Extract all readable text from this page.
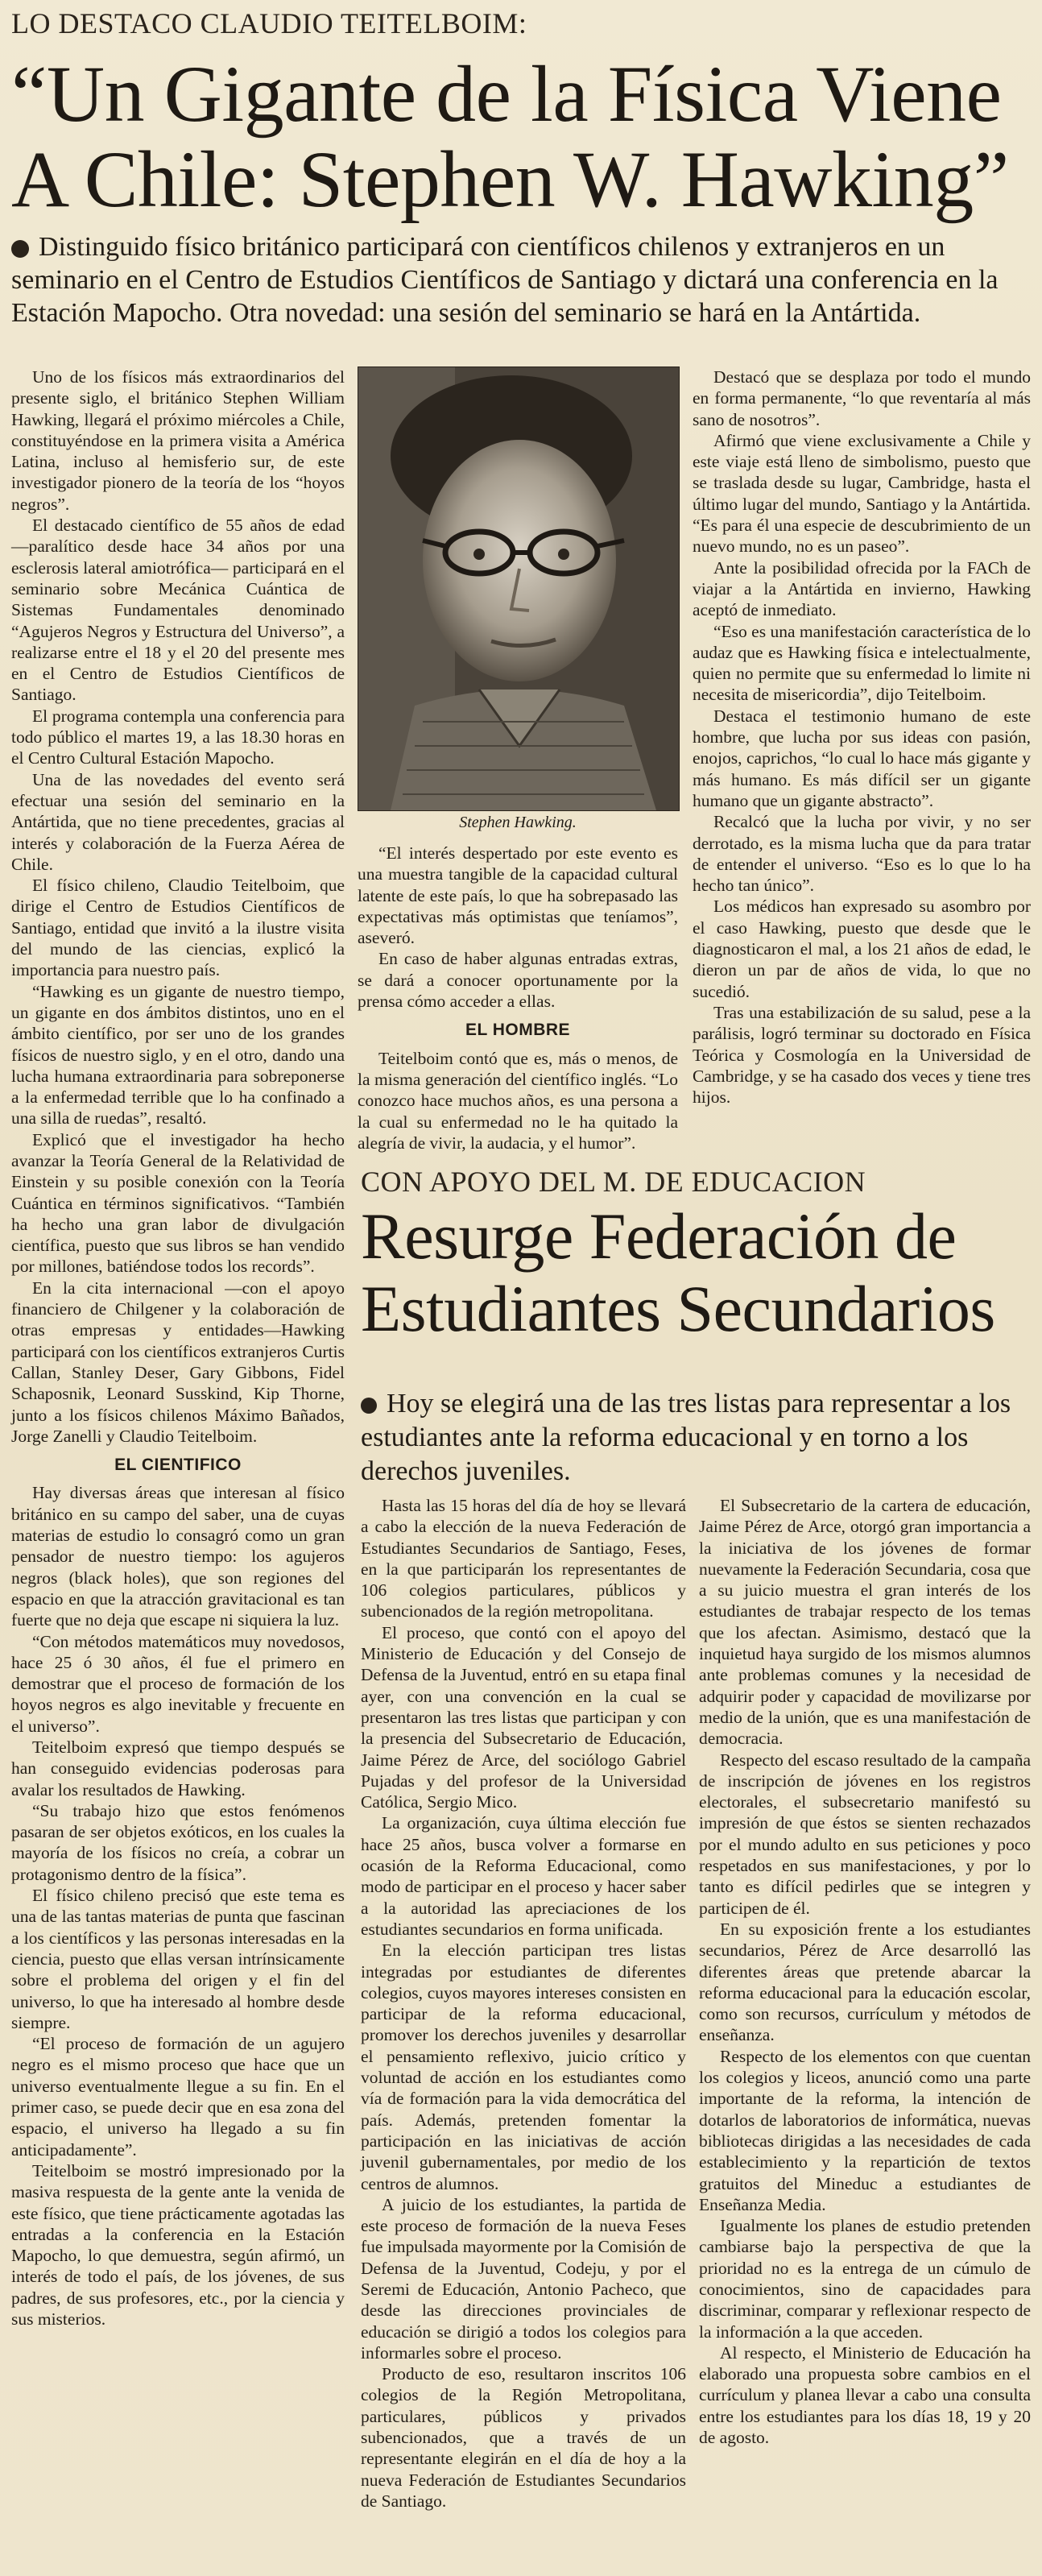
LO DESTACO CLAUDIO TEITELBOIM:
“Un Gigante de la Física Viene A Chile: Stephen W. Hawking”
Distinguido físico británico participará con científicos chilenos y extranjeros en un seminario en el Centro de Estudios Científicos de Santiago y dictará una conferencia en la Estación Mapocho. Otra novedad: una sesión del seminario se hará en la Antártida.

Uno de los físicos más extraordinarios del presente siglo, el británico Stephen William Hawking, llegará el próximo miércoles a Chile, constituyéndose en la primera visita a América Latina, incluso al hemisferio sur, de este investigador pionero de la teoría de los “hoyos negros”.

El destacado científico de 55 años de edad —paralítico desde hace 34 años por una esclerosis lateral amiotrófica— participará en el seminario sobre Mecánica Cuántica de Sistemas Fundamentales denominado “Agujeros Negros y Estructura del Universo”, a realizarse entre el 18 y el 20 del presente mes en el Centro de Estudios Científicos de Santiago.

El programa contempla una conferencia para todo público el martes 19, a las 18.30 horas en el Centro Cultural Estación Mapocho.

Una de las novedades del evento será efectuar una sesión del seminario en la Antártida, que no tiene precedentes, gracias al interés y colaboración de la Fuerza Aérea de Chile.

El físico chileno, Claudio Teitelboim, que dirige el Centro de Estudios Científicos de Santiago, entidad que invitó a la ilustre visita del mundo de las ciencias, explicó la importancia para nuestro país.

“Hawking es un gigante de nuestro tiempo, un gigante en dos ámbitos distintos, uno en el ámbito científico, por ser uno de los grandes físicos de nuestro siglo, y en el otro, dando una lucha humana extraordinaria para sobreponerse a la enfermedad terrible que lo ha confinado a una silla de ruedas”, resaltó.

Explicó que el investigador ha hecho avanzar la Teoría General de la Relatividad de Einstein y su posible conexión con la Teoría Cuántica en términos significativos. “También ha hecho una gran labor de divulgación científica, puesto que sus libros se han vendido por millones, batiéndose todos los records”.

En la cita internacional —con el apoyo financiero de Chilgener y la colaboración de otras empresas y entidades—Hawking participará con los científicos extranjeros Curtis Callan, Stanley Deser, Gary Gibbons, Fidel Schaposnik, Leonard Susskind, Kip Thorne, junto a los físicos chilenos Máximo Bañados, Jorge Zanelli y Claudio Teitelboim.

EL CIENTIFICO

Hay diversas áreas que interesan al físico británico en su campo del saber, una de cuyas materias de estudio lo consagró como un gran pensador de nuestro tiempo: los agujeros negros (black holes), que son regiones del espacio en que la atracción gravitacional es tan fuerte que no deja que escape ni siquiera la luz.

“Con métodos matemáticos muy novedosos, hace 25 ó 30 años, él fue el primero en demostrar que el proceso de formación de los hoyos negros es algo inevitable y frecuente en el universo”.

Teitelboim expresó que tiempo después se han conseguido evidencias poderosas para avalar los resultados de Hawking.

“Su trabajo hizo que estos fenómenos pasaran de ser objetos exóticos, en los cuales la mayoría de los físicos no creía, a cobrar un protagonismo dentro de la física”.

El físico chileno precisó que este tema es una de las tantas materias de punta que fascinan a los científicos y las personas interesadas en la ciencia, puesto que ellas versan intrínsicamente sobre el problema del origen y el fin del universo, lo que ha interesado al hombre desde siempre.

“El proceso de formación de un agujero negro es el mismo proceso que hace que un universo eventualmente llegue a su fin. En el primer caso, se puede decir que en esa zona del espacio, el universo ha llegado a su fin anticipadamente”.

Teitelboim se mostró impresionado por la masiva respuesta de la gente ante la venida de este físico, que tiene prácticamente agotadas las entradas a la conferencia en la Estación Mapocho, lo que demuestra, según afirmó, un interés de todo el país, de los jóvenes, de sus padres, de sus profesores, etc., por la ciencia y sus misterios.

Stephen Hawking.

“El interés despertado por este evento es una muestra tangible de la capacidad cultural latente de este país, lo que ha sobrepasado las expectativas más optimistas que teníamos”, aseveró.

En caso de haber algunas entradas extras, se dará a conocer oportunamente por la prensa cómo acceder a ellas.

EL HOMBRE

Teitelboim contó que es, más o menos, de la misma generación del científico inglés. “Lo conozco hace muchos años, es una persona a la cual su enfermedad no le ha quitado la alegría de vivir, la audacia, y el humor”.

Destacó que se desplaza por todo el mundo en forma permanente, “lo que reventaría al más sano de nosotros”.

Afirmó que viene exclusivamente a Chile y este viaje está lleno de simbolismo, puesto que se traslada desde su lugar, Cambridge, hasta el último lugar del mundo, Santiago y la Antártida. “Es para él una especie de descubrimiento de un nuevo mundo, no es un paseo”.

Ante la posibilidad ofrecida por la FACh de viajar a la Antártida en invierno, Hawking aceptó de inmediato.

“Eso es una manifestación característica de lo audaz que es Hawking física e intelectualmente, quien no permite que su enfermedad lo limite ni necesita de misericordia”, dijo Teitelboim.

Destaca el testimonio humano de este hombre, que lucha por sus ideas con pasión, enojos, caprichos, “lo cual lo hace más gigante y más humano. Es más difícil ser un gigante humano que un gigante abstracto”.

Recalcó que la lucha por vivir, y no ser derrotado, es la misma lucha que da para tratar de entender el universo. “Eso es lo que lo ha hecho tan único”.

Los médicos han expresado su asombro por el caso Hawking, puesto que desde que le diagnosticaron el mal, a los 21 años de edad, le dieron un par de años de vida, lo que no sucedió.

Tras una estabilización de su salud, pese a la parálisis, logró terminar su doctorado en Física Teórica y Cosmología en la Universidad de Cambridge, y se ha casado dos veces y tiene tres hijos.

CON APOYO DEL M. DE EDUCACION
Resurge Federación de Estudiantes Secundarios
Hoy se elegirá una de las tres listas para representar a los estudiantes ante la reforma educacional y en torno a los derechos juveniles.

Hasta las 15 horas del día de hoy se llevará a cabo la elección de la nueva Federación de Estudiantes Secundarios de Santiago, Feses, en la que participarán los representantes de 106 colegios particulares, públicos y subencionados de la región metropolitana.

El proceso, que contó con el apoyo del Ministerio de Educación y del Consejo de Defensa de la Juventud, entró en su etapa final ayer, con una convención en la cual se presentaron las tres listas que participan y con la presencia del Subsecretario de Educación, Jaime Pérez de Arce, del sociólogo Gabriel Pujadas y del profesor de la Universidad Católica, Sergio Mico.

La organización, cuya última elección fue hace 25 años, busca volver a formarse en ocasión de la Reforma Educacional, como modo de participar en el proceso y hacer saber a la autoridad las apreciaciones de los estudiantes secundarios en forma unificada.

En la elección participan tres listas integradas por estudiantes de diferentes colegios, cuyos mayores intereses consisten en participar de la reforma educacional, promover los derechos juveniles y desarrollar el pensamiento reflexivo, juicio crítico y voluntad de acción en los estudiantes como vía de formación para la vida democrática del país. Además, pretenden fomentar la participación en las iniciativas de acción juvenil gubernamentales, por medio de los centros de alumnos.

A juicio de los estudiantes, la partida de este proceso de formación de la nueva Feses fue impulsada mayormente por la Comisión de Defensa de la Juventud, Codeju, y por el Seremi de Educación, Antonio Pacheco, que desde las direcciones provinciales de educación se dirigió a todos los colegios para informarles sobre el proceso.

Producto de eso, resultaron inscritos 106 colegios de la Región Metropolitana, particulares, públicos y privados subencionados, que a través de un representante elegirán en el día de hoy a la nueva Federación de Estudiantes Secundarios de Santiago.

El Subsecretario de la cartera de educación, Jaime Pérez de Arce, otorgó gran importancia a la iniciativa de los jóvenes de formar nuevamente la Federación Secundaria, cosa que a su juicio muestra el gran interés de los estudiantes de trabajar respecto de los temas que los afectan. Asimismo, destacó que la inquietud haya surgido de los mismos alumnos ante problemas comunes y la necesidad de adquirir poder y capacidad de movilizarse por medio de la unión, que es una manifestación de democracia.

Respecto del escaso resultado de la campaña de inscripción de jóvenes en los registros electorales, el subsecretario manifestó su impresión de que éstos se sienten rechazados por el mundo adulto en sus peticiones y poco respetados en sus manifestaciones, y por lo tanto es difícil pedirles que se integren y participen de él.

En su exposición frente a los estudiantes secundarios, Pérez de Arce desarrolló las diferentes áreas que pretende abarcar la reforma educacional para la educación escolar, como son recursos, currículum y métodos de enseñanza.

Respecto de los elementos con que cuentan los colegios y liceos, anunció como una parte importante de la reforma, la intención de dotarlos de laboratorios de informática, nuevas bibliotecas dirigidas a las necesidades de cada establecimiento y la repartición de textos gratuitos del Mineduc a estudiantes de Enseñanza Media.

Igualmente los planes de estudio pretenden cambiarse bajo la perspectiva de que la prioridad no es la entrega de un cúmulo de conocimientos, sino de capacidades para discriminar, comparar y reflexionar respecto de la información a la que acceden.

Al respecto, el Ministerio de Educación ha elaborado una propuesta sobre cambios en el currículum y planea llevar a cabo una consulta entre los estudiantes para los días 18, 19 y 20 de agosto.
